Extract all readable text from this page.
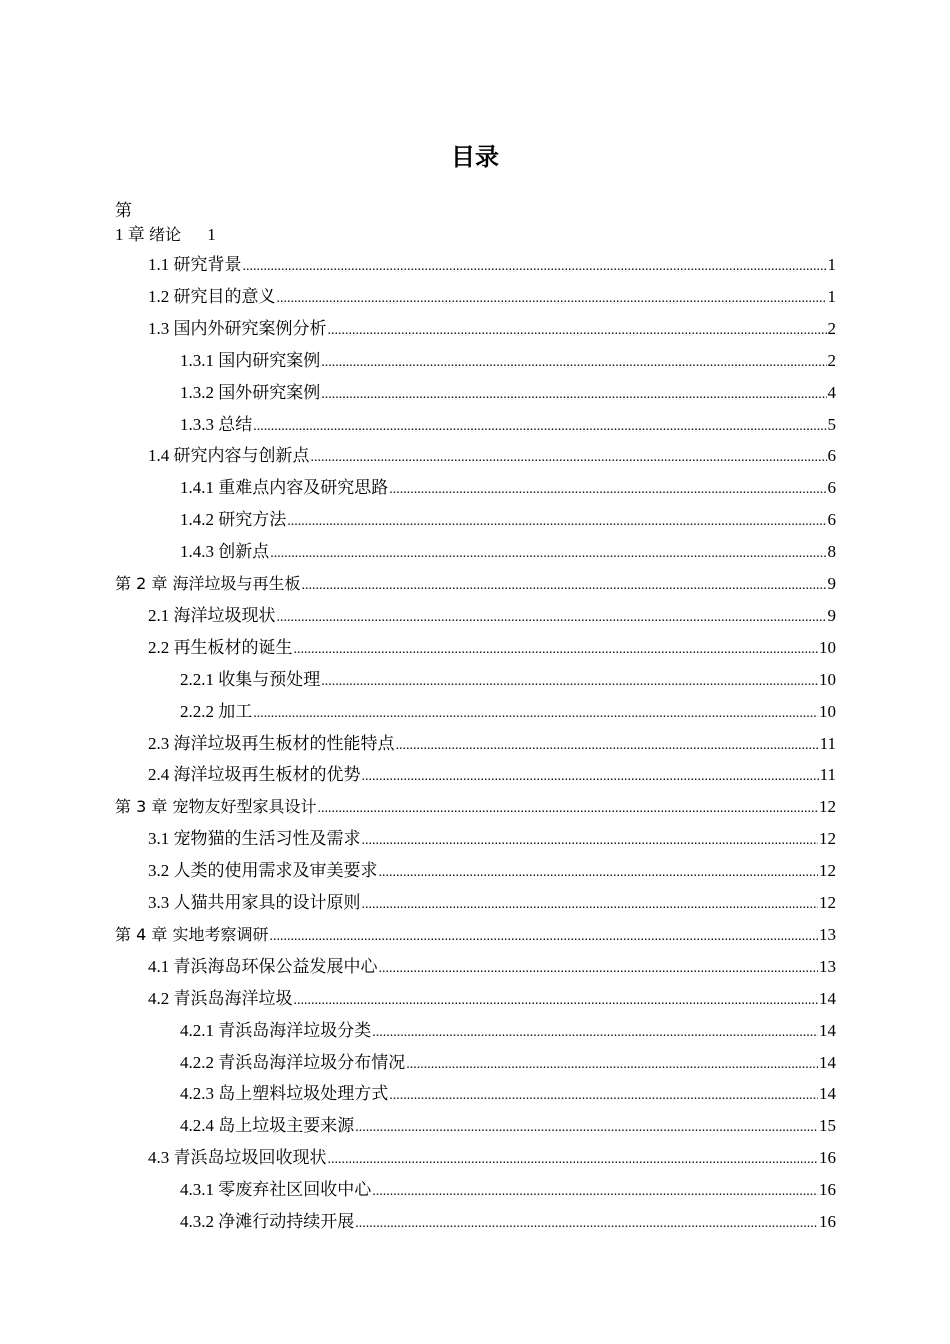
目录
第
1 章 绪论 1
1.1 研究背景 .....	1
1.2 研究目的意义 .....	1
1.3 国内外研究案例分析 .....	2
1.3.1 国内研究案例 .....	2
1.3.2 国外研究案例 .....	4
1.3.3 总结 .....	5
1.4 研究内容与创新点 .....	6
1.4.1 重难点内容及研究思路 .....	6
1.4.2 研究方法 .....	6
1.4.3 创新点 .....	8
第 2 章 海洋垃圾与再生板 .....	9
2.1 海洋垃圾现状 .....	9
2.2 再生板材的诞生 .....	10
2.2.1 收集与预处理 .....	10
2.2.2 加工 .....	10
2.3 海洋垃圾再生板材的性能特点 .....	11
2.4 海洋垃圾再生板材的优势 .....	11
第 3 章 宠物友好型家具设计 .....	12
3.1 宠物猫的生活习性及需求 .....	12
3.2 人类的使用需求及审美要求 .....	12
3.3 人猫共用家具的设计原则 .....	12
第 4 章 实地考察调研 .....	13
4.1 青浜海岛环保公益发展中心 .....	13
4.2 青浜岛海洋垃圾 .....	14
4.2.1 青浜岛海洋垃圾分类 .....	14
4.2.2 青浜岛海洋垃圾分布情况 .....	14
4.2.3 岛上塑料垃圾处理方式 .....	14
4.2.4 岛上垃圾主要来源 .....	15
4.3 青浜岛垃圾回收现状 .....	16
4.3.1 零废弃社区回收中心 .....	16
4.3.2 净滩行动持续开展 .....	16
